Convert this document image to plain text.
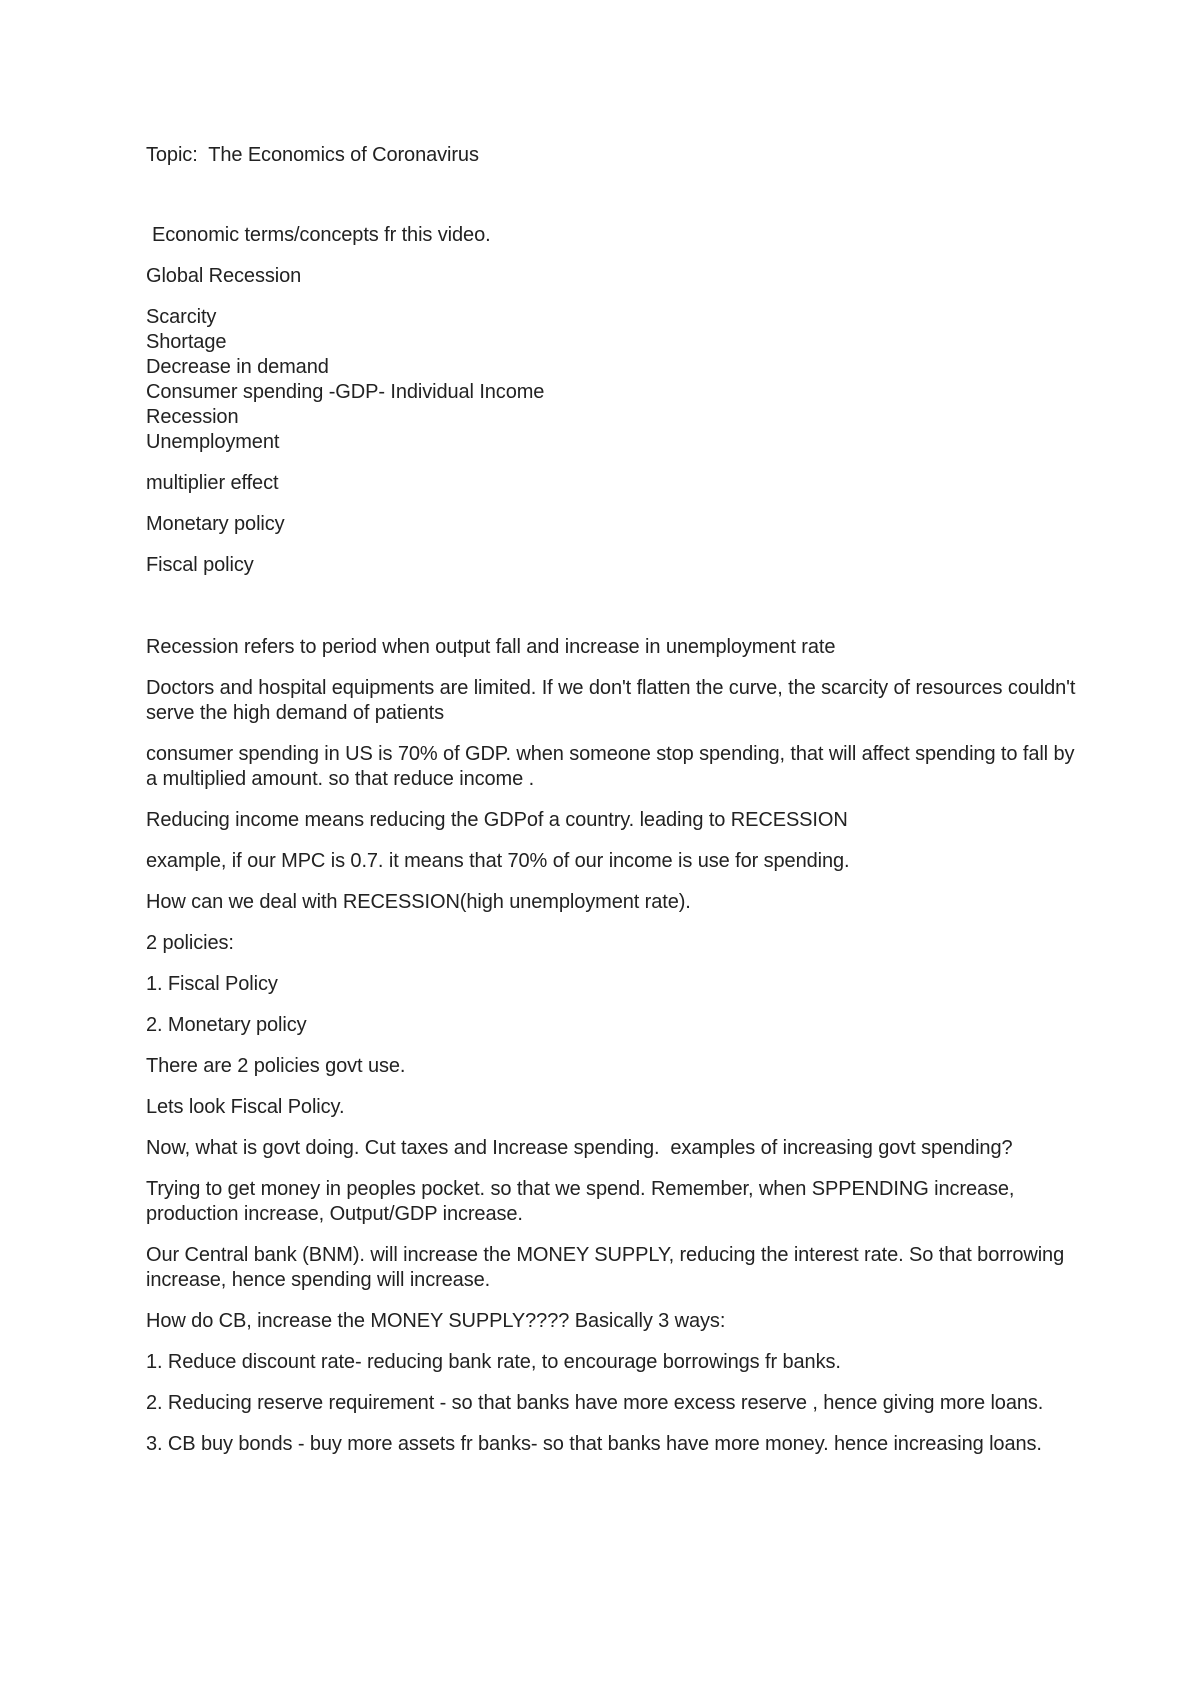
Topic:  The Economics of Coronavirus

Economic terms/concepts fr this video.

Global Recession

Scarcity

Shortage

Decrease in demand

Consumer spending -GDP- Individual Income

Recession

Unemployment

multiplier effect

Monetary policy

Fiscal policy

Recession refers to period when output fall and increase in unemployment rate

Doctors and hospital equipments are limited. If we don't flatten the curve, the scarcity of resources couldn't serve the high demand of patients

consumer spending in US is 70% of GDP. when someone stop spending, that will affect spending to fall by a multiplied amount. so that reduce income .

Reducing income means reducing the GDPof a country. leading to RECESSION

example, if our MPC is 0.7. it means that 70% of our income is use for spending.

How can we deal with RECESSION(high unemployment rate).

2 policies:

1. Fiscal Policy

2. Monetary policy

There are 2 policies govt use.

Lets look Fiscal Policy.

Now, what is govt doing. Cut taxes and Increase spending.  examples of increasing govt spending?

Trying to get money in peoples pocket. so that we spend. Remember, when SPPENDING increase, production increase, Output/GDP increase.

Our Central bank (BNM). will increase the MONEY SUPPLY, reducing the interest rate. So that borrowing increase, hence spending will increase.

How do CB, increase the MONEY SUPPLY???? Basically 3 ways:

1. Reduce discount rate- reducing bank rate, to encourage borrowings fr banks.

2. Reducing reserve requirement - so that banks have more excess reserve , hence giving more loans.

3. CB buy bonds - buy more assets fr banks- so that banks have more money. hence increasing loans.
